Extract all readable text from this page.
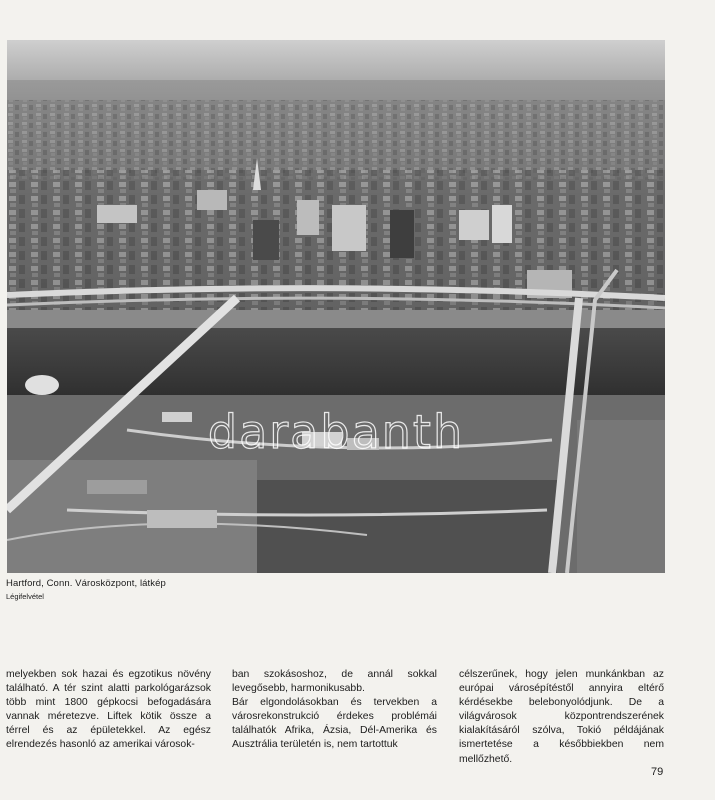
darabanth
Hartford, Conn. Városközpont, látkép
Légifelvétel
melyekben sok hazai és egzotikus növény található. A tér szint alatti parkológarázsok több mint 1800 gépkocsi befogadására vannak méretezve. Liftek kötik össze a térrel és az épületekkel. Az egész elrendezés hasonló az amerikai városok-
ban szokásoshoz, de annál sokkal levegősebb, harmonikusabb.
Bár elgondolásokban és tervekben a városrekonstrukció érdekes problémái találhatók Afrika, Ázsia, Dél-Amerika és Ausztrália területén is, nem tartottuk
célszerűnek, hogy jelen munkánkban az európai városépítéstől annyira eltérő kérdésekbe belebonyolódjunk. De a világvárosok központrendszerének kialakításáról szólva, Tokió példájának ismertetése a későbbiekben nem mellőzhető.
79
